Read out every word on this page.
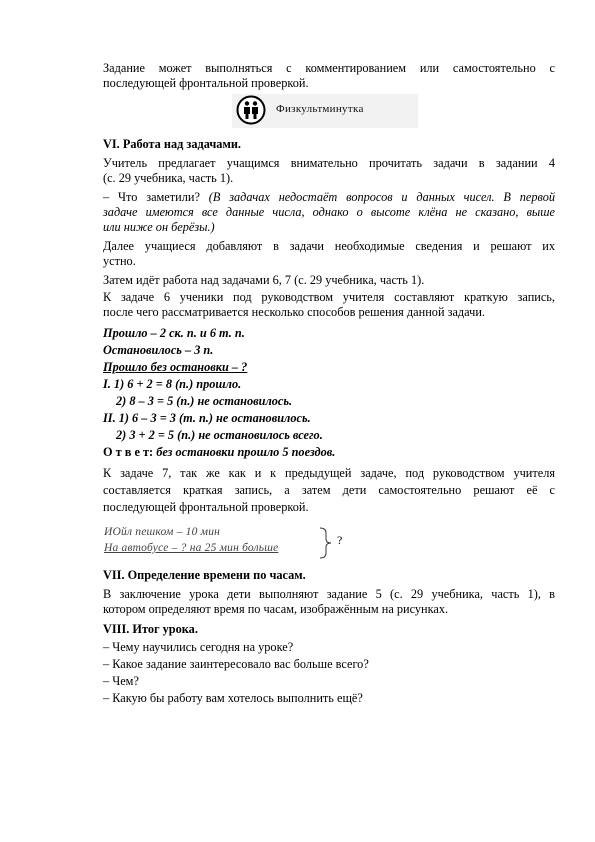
Задание может выполняться с комментированием или самостоятельно с
последующей фронтальной проверкой.
Физкультминутка
VI. Работа над задачами.
Учитель предлагает учащимся внимательно прочитать задачи в задании 4
(с. 29 учебника, часть 1).
– Что заметили? (В задачах недостаёт вопросов и данных чисел. В первой
задаче имеются все данные числа, однако о высоте клёна не сказано, выше
или ниже он берёзы.)
Далее учащиеся добавляют в задачи необходимые сведения и решают их
устно.
Затем идёт работа над задачами 6, 7 (с. 29 учебника, часть 1).
К задаче 6 ученики под руководством учителя составляют краткую запись,
после чего рассматривается несколько способов решения данной задачи.
Прошло – 2 ск. п. и 6 т. п.
Остановилось – 3 п.
Прошло без остановки – ?
I. 1) 6 + 2 = 8 (п.) прошло.
2) 8 – 3 = 5 (п.) не остановилось.
II. 1) 6 – 3 = 3 (т. п.) не остановилось.
2) 3 + 2 = 5 (п.) не остановилось всего.
О т в е т: без остановки прошло 5 поездов.
К задаче 7, так же как и к предыдущей задаче, под руководством учителя
составляется краткая запись, а затем дети самостоятельно решают её с
последующей фронтальной проверкой.
ИОйл пешком – 10 мин
На автобусе – ? на 25 мин больше
?
VII. Определение времени по часам.
В заключение урока дети выполняют задание 5 (с. 29 учебника, часть 1), в
котором определяют время по часам, изображённым на рисунках.
VIII. Итог урока.
– Чему научились сегодня на уроке?
– Какое задание заинтересовало вас больше всего?
– Чем?
– Какую бы работу вам хотелось выполнить ещё?
